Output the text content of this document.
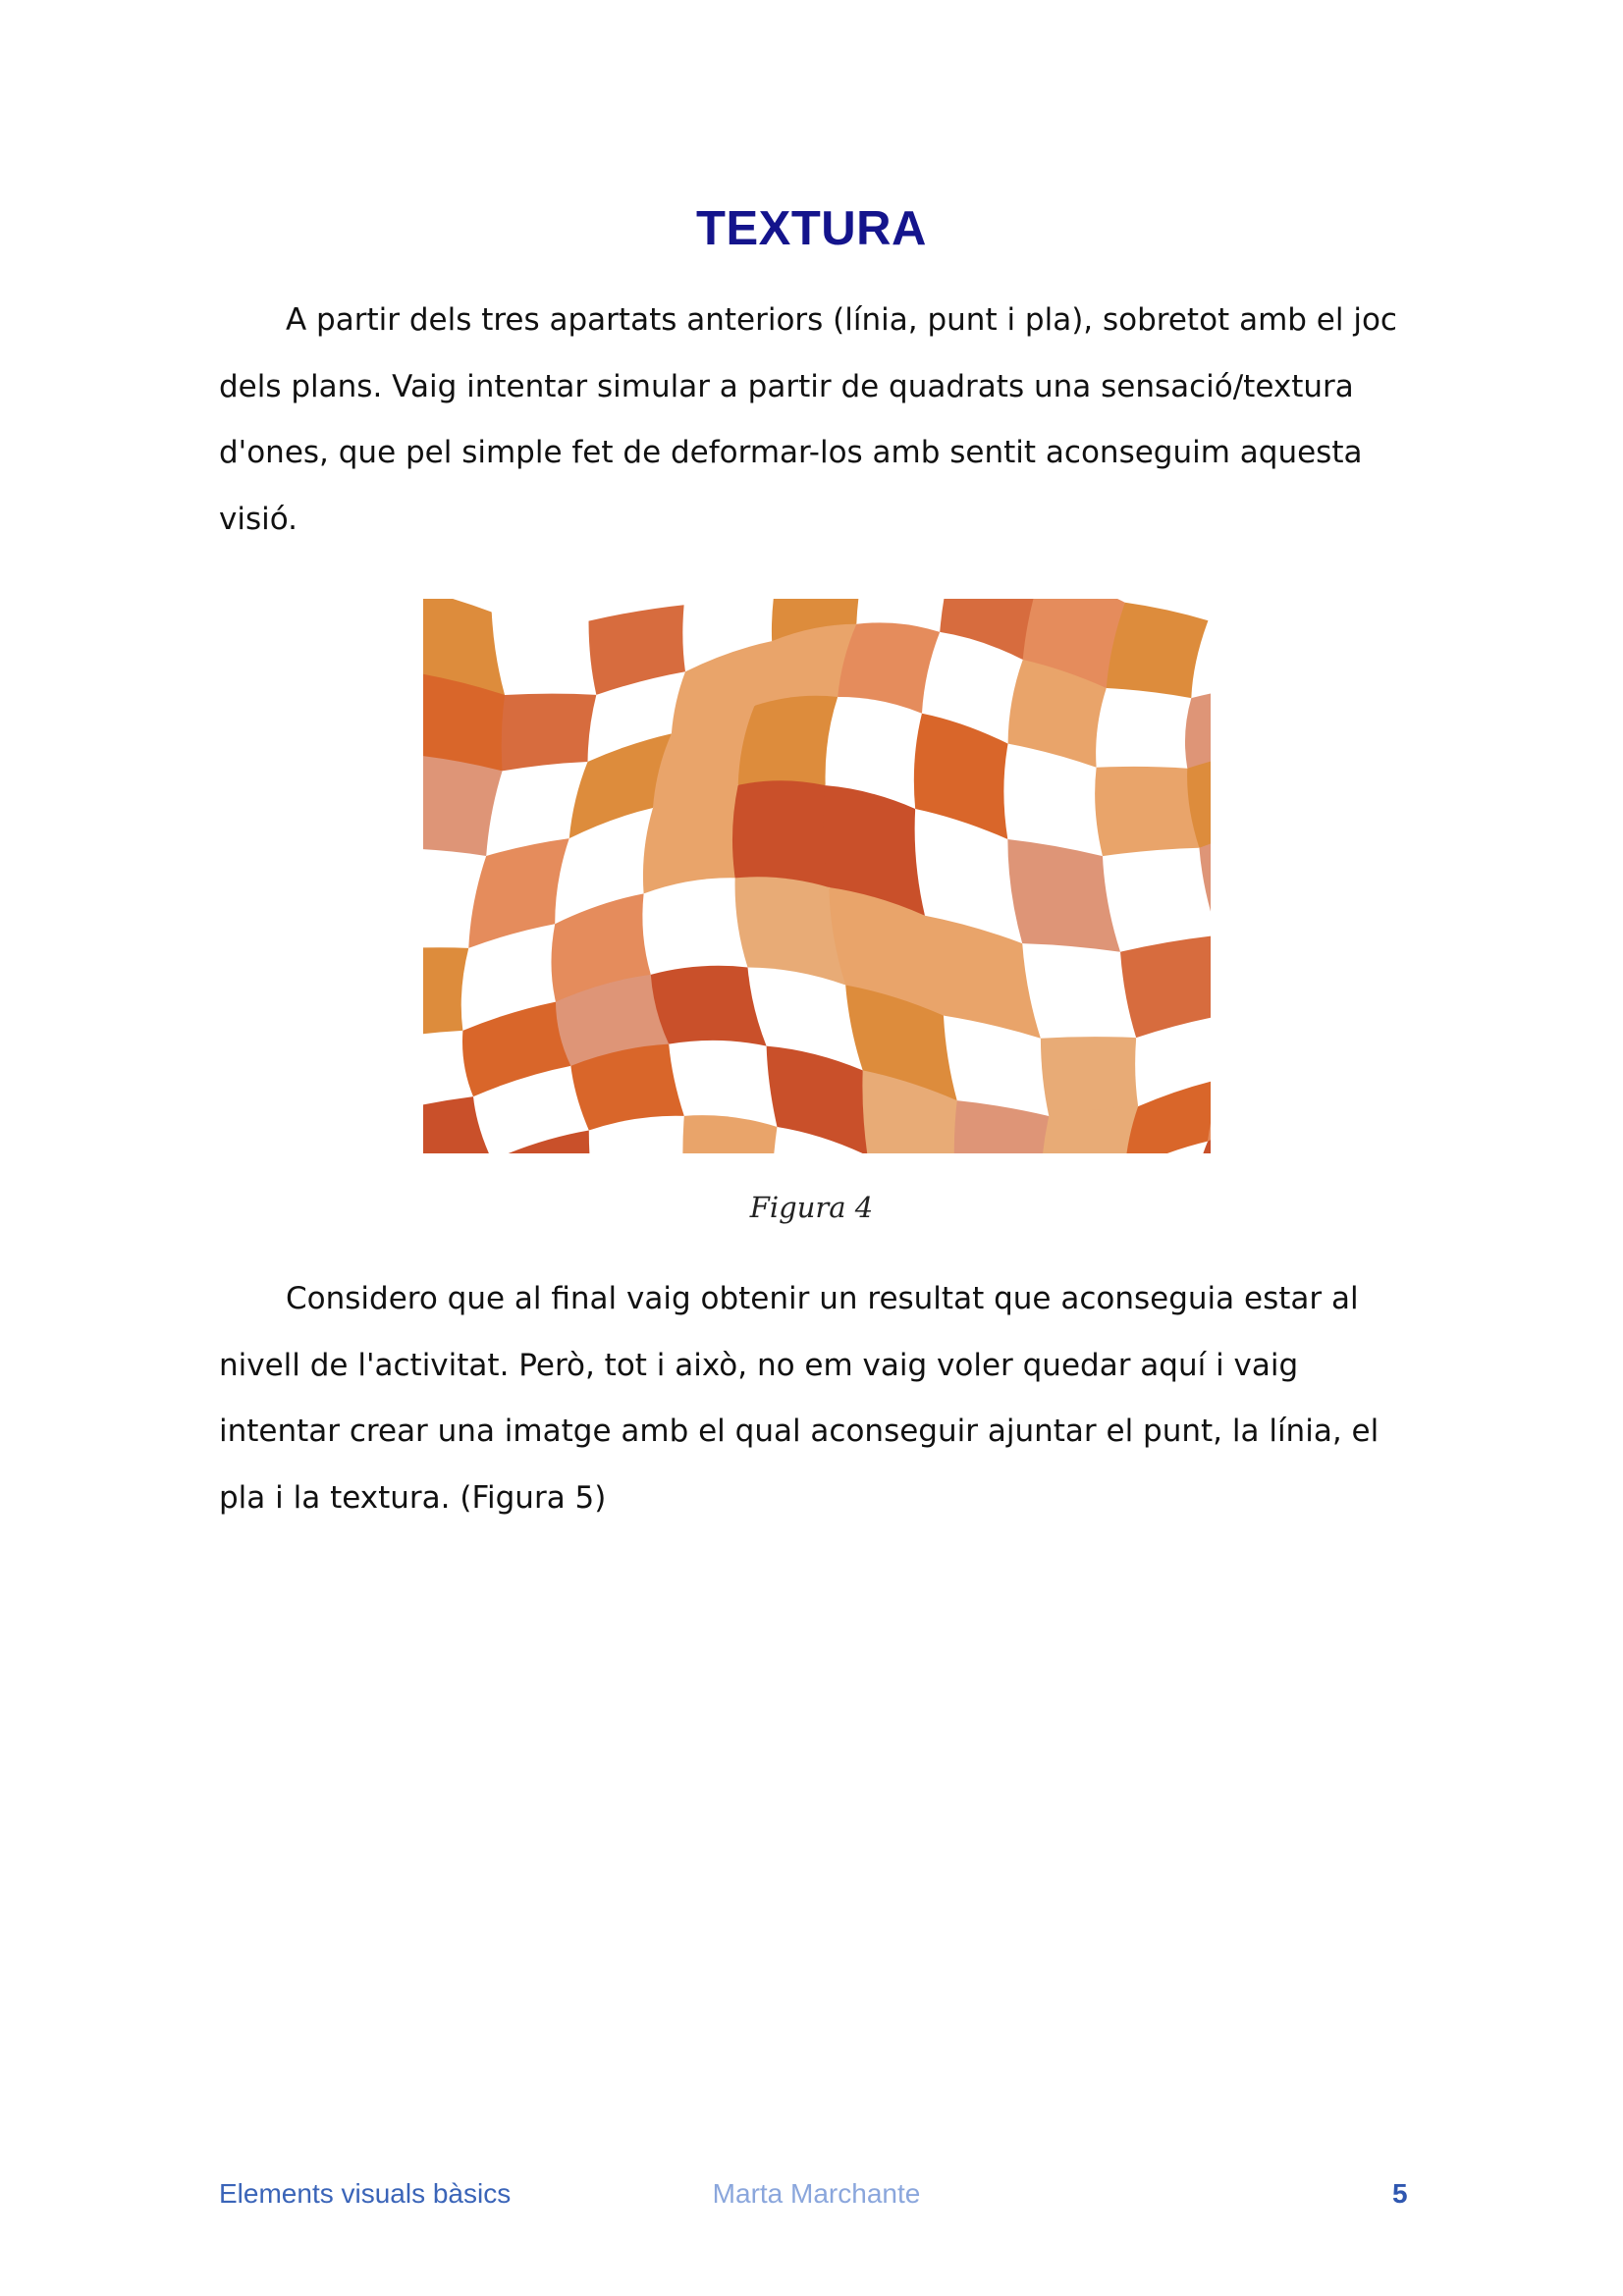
TEXTURA

A partir dels tres apartats anteriors (línia, punt i pla), sobretot amb el joc dels plans. Vaig intentar simular a partir de quadrats una sensació/textura d'ones, que pel simple fet de deformar-los amb sentit aconseguim aquesta visió.

Figura 4

Considero que al final vaig obtenir un resultat que aconseguia estar al nivell de l'activitat. Però, tot i això, no em vaig voler quedar aquí i vaig intentar crear una imatge amb el qual aconseguir ajuntar el punt, la línia, el pla i la textura. (Figura 5)

Elements visuals bàsics	Marta Marchante	5
